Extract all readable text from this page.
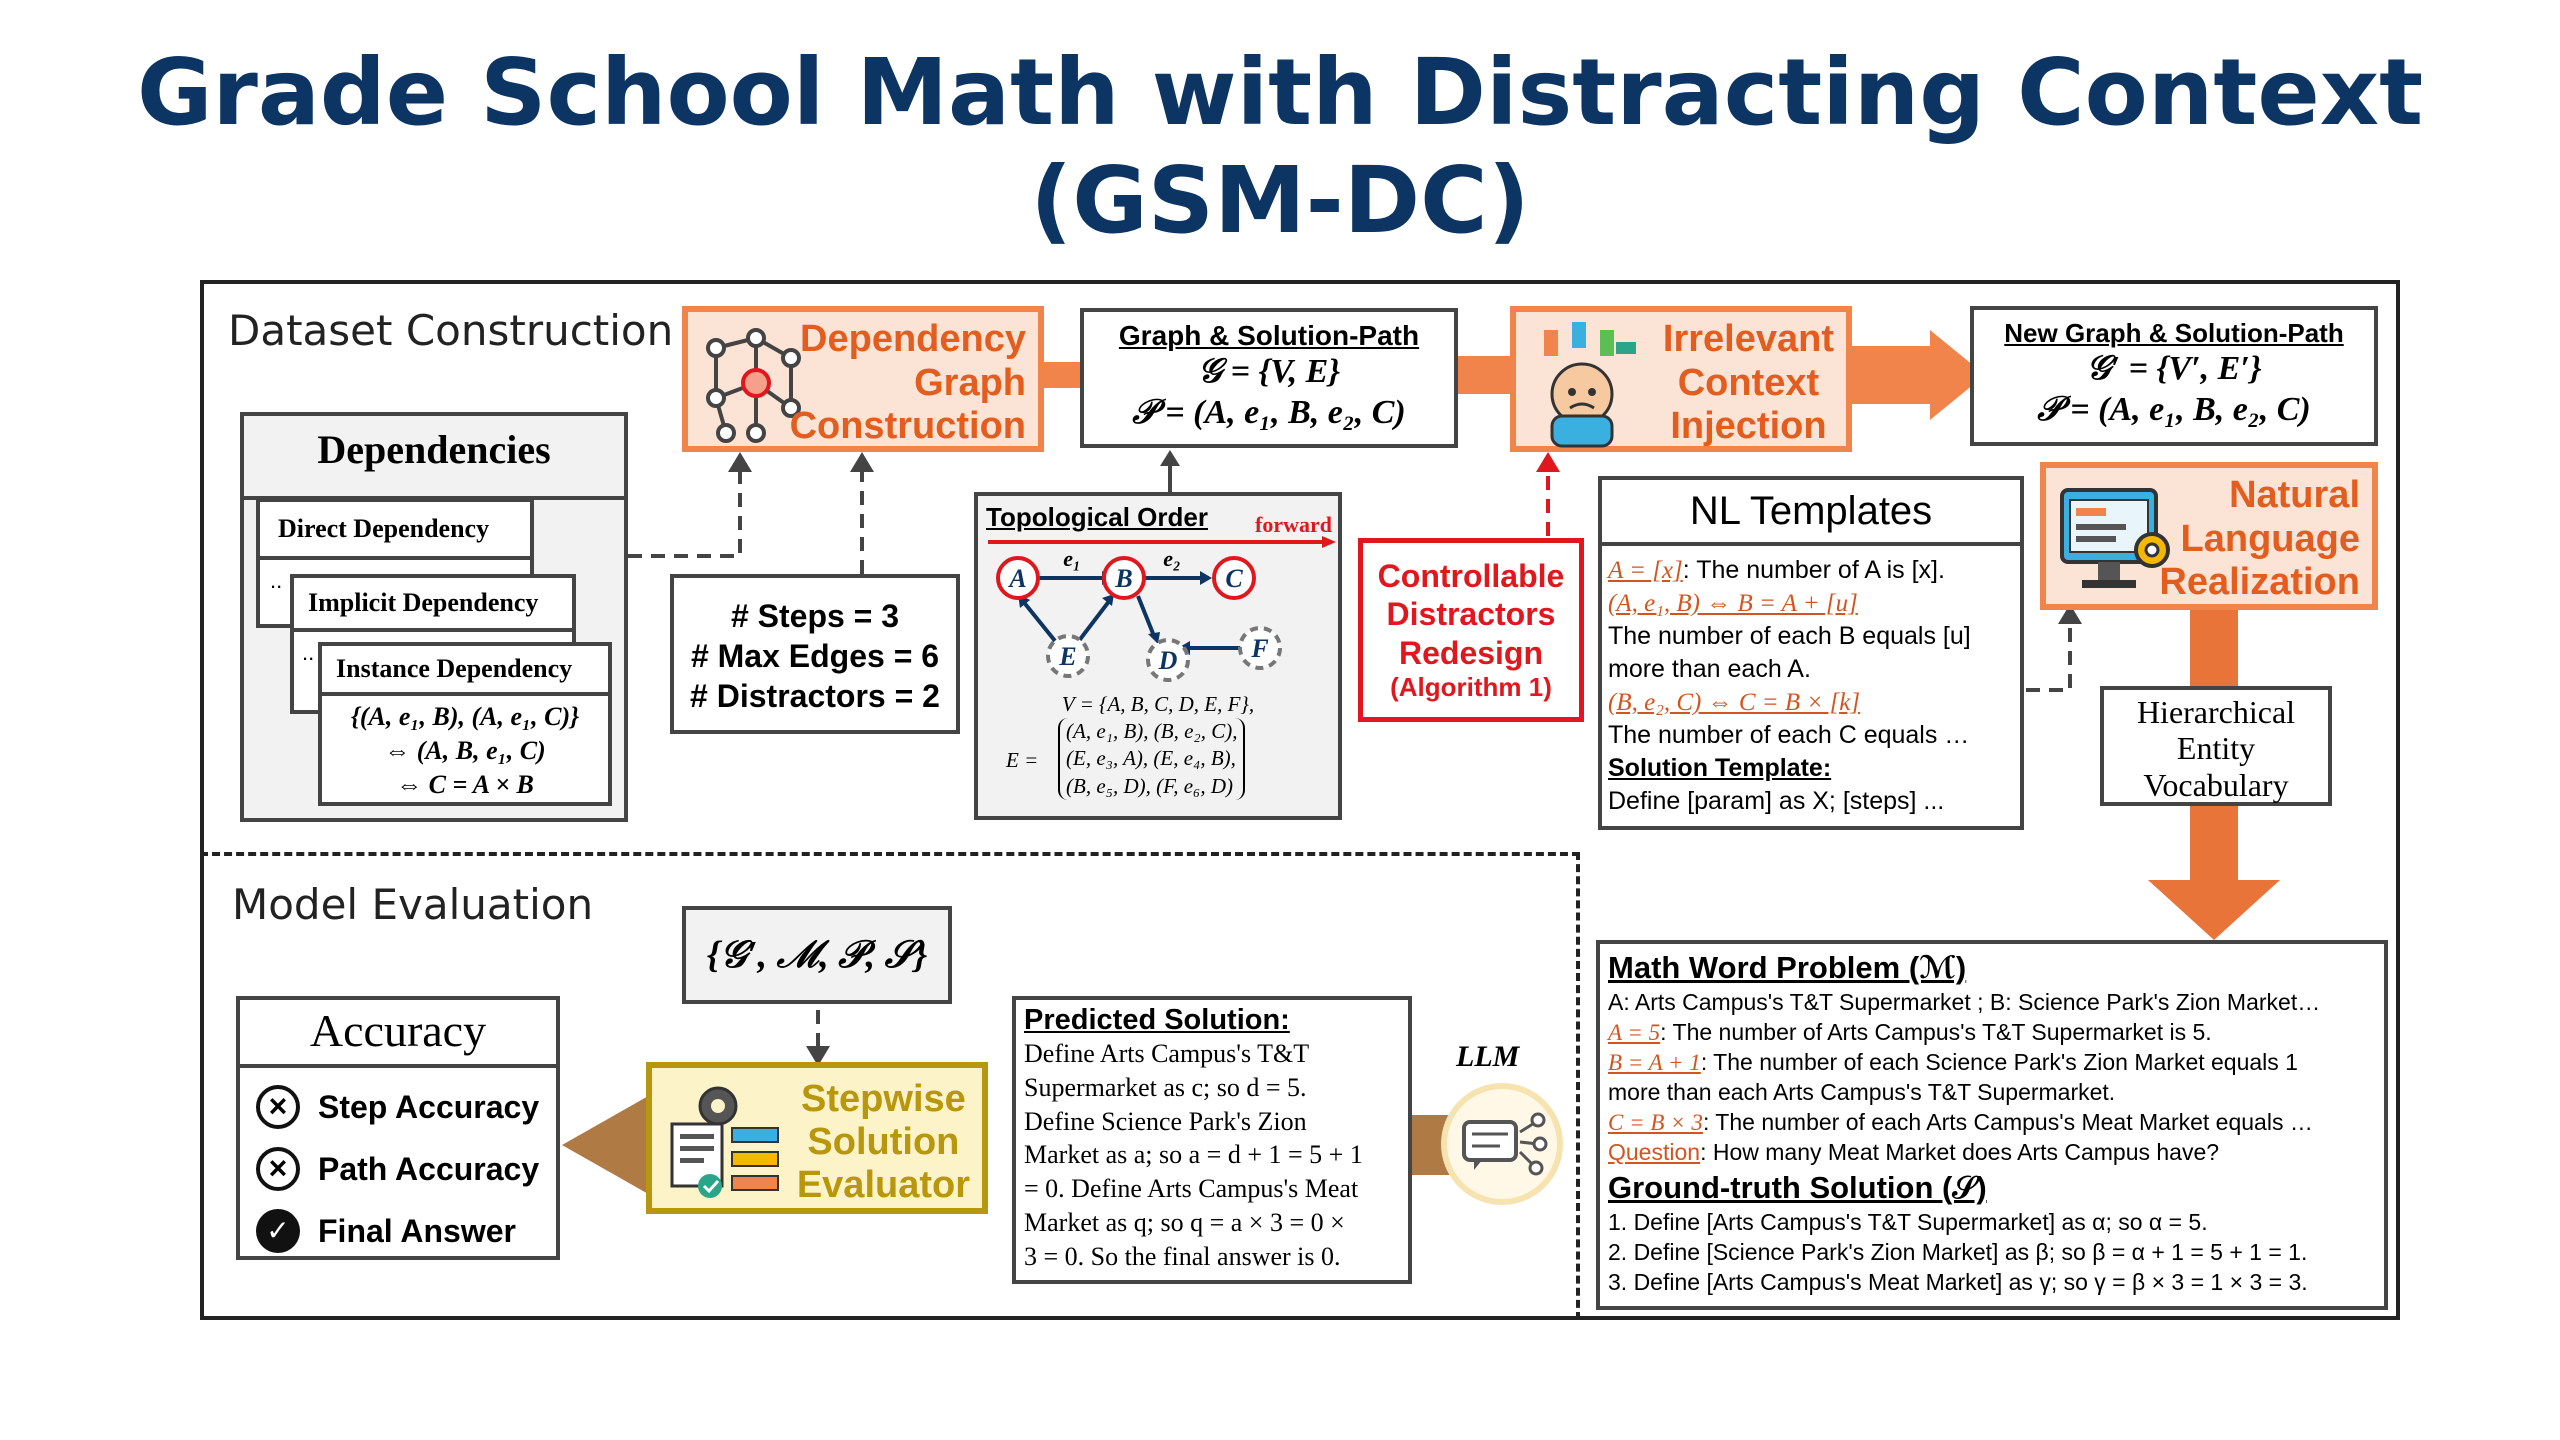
Grade School Math with Distracting Context
(GSM-DC)
Dataset Construction
Model Evaluation
Dependencies
Direct Dependency
..
Implicit Dependency
..
Instance Dependency
{(A, e₁, B), (A, e₁, C)}
⇔ (A, B, e₁, C)
⇔ C = A × B
# Steps = 3
# Max Edges = 6
# Distractors = 2
Dependency
Graph
Construction
Graph & Solution-Path
𝒢 = {V, E}
𝒫 = (A, e₁, B, e₂, C)
Topological Order forward
A	B	C
E	D	F
e₁	e₂
V = {A, B, C, D, E, F},
E =
(A, e₁, B), (B, e₂, C),
(E, e₃, A), (E, e₄, B),
(B, e₅, D), (F, e₆, D)
Irrelevant
Context
Injection
Controllable
Distractors
Redesign
(Algorithm 1)
New Graph & Solution-Path
𝒢′ = {V′, E′}
𝒫 = (A, e₁, B, e₂, C)
NL Templates
A = [x]: The number of A is [x].
(A, e₁, B) ⇔ B = A + [u]
The number of each B equals [u]
more than each A.
(B, e₂, C) ⇔ C = B × [k]
The number of each C equals …
Solution Template:
Define [param] as X; [steps] ...
Natural
Language
Realization
Hierarchical
Entity
Vocabulary
{𝒢′, ℳ, 𝒫, 𝒮}
Accuracy
× Step Accuracy
× Path Accuracy
✓ Final Answer
Stepwise
Solution
Evaluator
Predicted Solution:
Define Arts Campus's T&T
Supermarket as c; so d = 5.
Define Science Park's Zion
Market as a; so a = d + 1 = 5 + 1
= 0. Define Arts Campus's Meat
Market as q; so q = a × 3 = 0 ×
3 = 0. So the final answer is 0.
LLM
Math Word Problem (ℳ)
A: Arts Campus's T&T Supermarket ; B: Science Park's Zion Market…
A = 5: The number of Arts Campus's T&T Supermarket is 5.
B = A + 1: The number of each Science Park's Zion Market equals 1
more than each Arts Campus's T&T Supermarket.
C = B × 3: The number of each Arts Campus's Meat Market equals …
Question: How many Meat Market does Arts Campus have?
Ground-truth Solution (𝒮)
1. Define [Arts Campus's T&T Supermarket] as α; so α = 5.
2. Define [Science Park's Zion Market] as β; so β = α + 1 = 5 + 1 = 1.
3. Define [Arts Campus's Meat Market] as γ; so γ = β × 3 = 1 × 3 = 3.
